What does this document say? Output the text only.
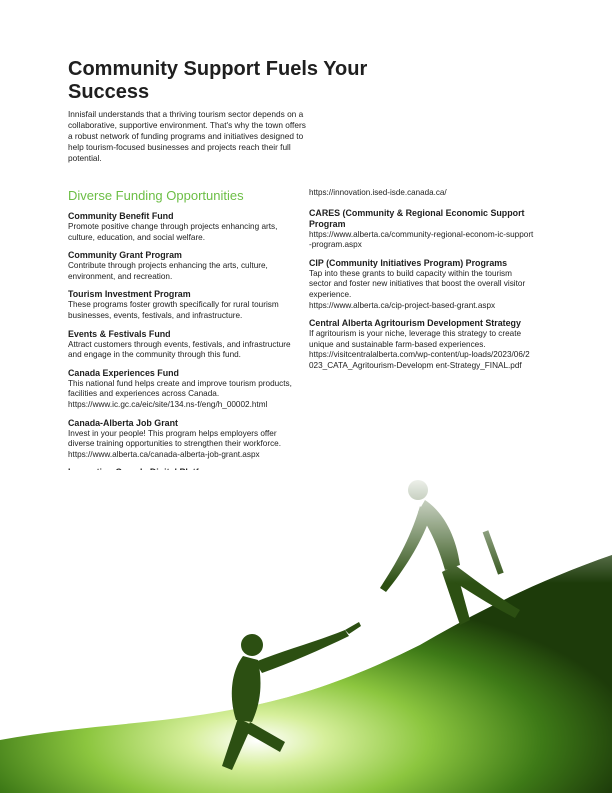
Community Support Fuels Your Success

Innisfail understands that a thriving tourism sector depends on a collaborative, supportive environment. That's why the town offers a robust network of funding programs and initiatives designed to help tourism-focused businesses and projects reach their full potential.

Diverse Funding Opportunities
Community Benefit Fund

Promote positive change through projects enhancing arts, culture, education, and social welfare.

Community Grant Program

Contribute through projects enhancing the arts, culture, environment, and recreation.

Tourism Investment Program

These programs foster growth specifically for rural tourism businesses, events, festivals, and infrastructure.

Events & Festivals Fund

Attract customers through events, festivals, and infrastructure and engage in the community through this fund.

Canada Experiences Fund

This national fund helps create and improve tourism products, facilities and experiences across Canada.

https://www.ic.gc.ca/eic/site/134.ns-f/eng/h_00002.html

Canada-Alberta Job Grant

Invest in your people! This program helps employers offer diverse training opportunities to strengthen their workforce.

https://www.alberta.ca/canada-alberta-job-grant.aspx

https://innovation.ised-isde.canada.ca/

CARES (Community & Regional Economic Support Program

https://www.alberta.ca/community-regional-econom-ic-support-program.aspx

CIP (Community Initiatives Program) Programs

Tap into these grants to build capacity within the tourism sector and foster new initiatives that boost the overall visitor experience.

https://www.alberta.ca/cip-project-based-grant.aspx

Central Alberta Agritourism Development Strategy

If agritourism is your niche, leverage this strategy to create unique and sustainable farm-based experiences.

https://visitcentralalberta.com/wp-content/up-loads/2023/06/2023_CATA_Agritourism-Developm ent-Strategy_FINAL.pdf
